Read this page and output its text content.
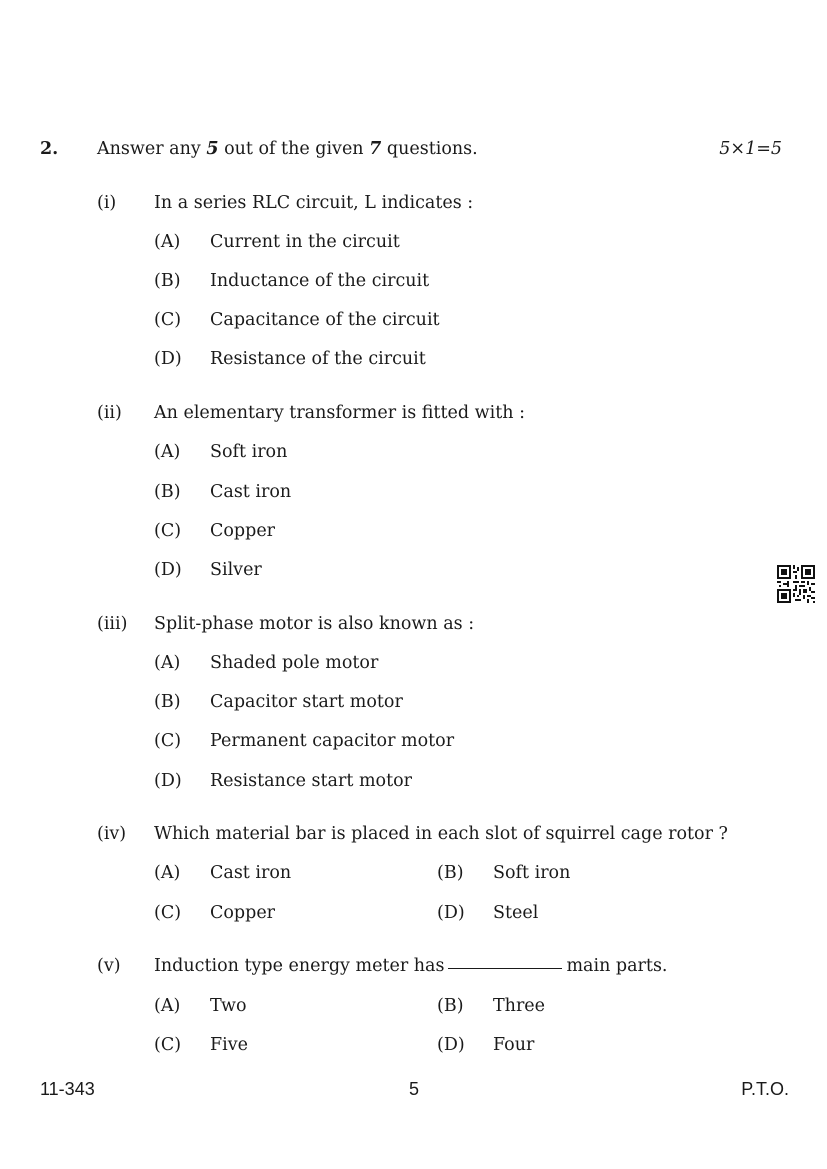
2. Answer any 5 out of the given 7 questions.	5×1=5
(i) In a series RLC circuit, L indicates :
(A) Current in the circuit
(B) Inductance of the circuit
(C) Capacitance of the circuit
(D) Resistance of the circuit
(ii) An elementary transformer is fitted with :
(A) Soft iron
(B) Cast iron
(C) Copper
(D) Silver
(iii) Split-phase motor is also known as :
(A) Shaded pole motor
(B) Capacitor start motor
(C) Permanent capacitor motor
(D) Resistance start motor
(iv) Which material bar is placed in each slot of squirrel cage rotor ?
(A) Cast iron	(B) Soft iron
(C) Copper	(D) Steel
(v) Induction type energy meter has	main parts.
(A) Two	(B) Three
(C) Five	(D) Four
11-343	5	P.T.O.
